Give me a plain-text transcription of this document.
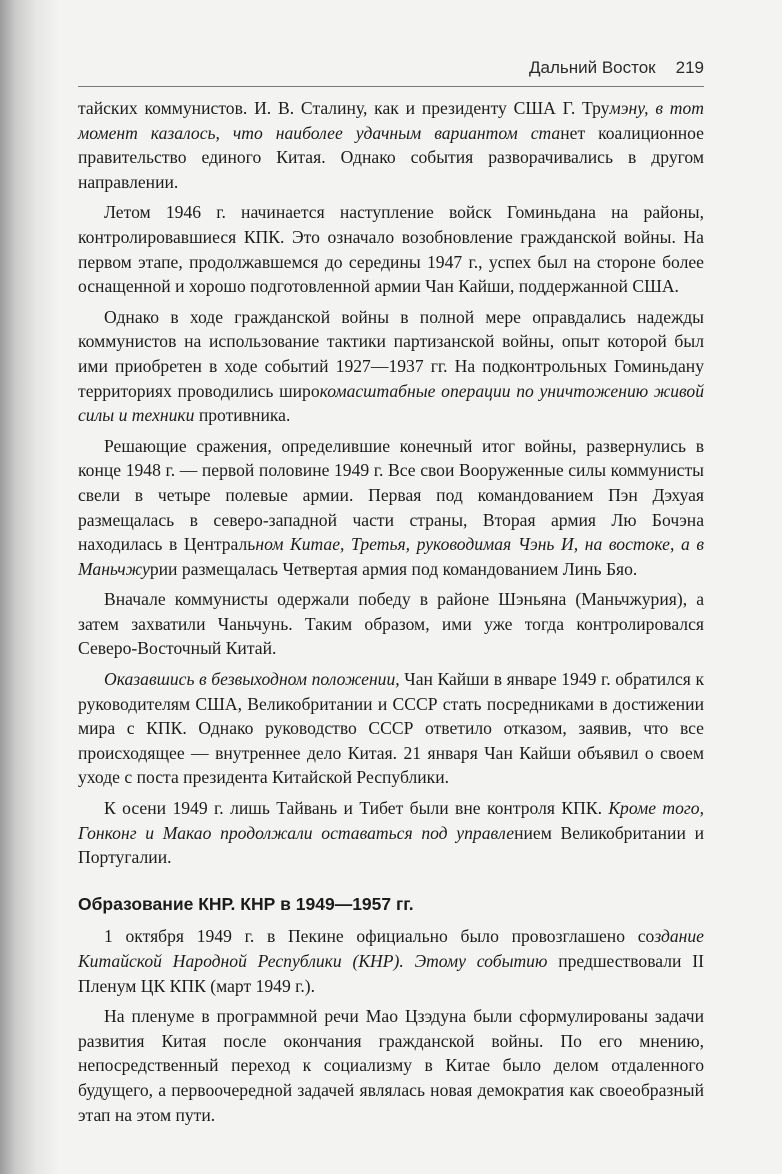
Дальний Восток 219

тайских коммунистов. И. В. Сталину, как и президенту США Г. Трумэну, в тот момент казалось, что наиболее удачным вариантом станет коалиционное правительство единого Китая. Однако события разворачивались в другом направлении.

Летом 1946 г. начинается наступление войск Гоминьдана на районы, контролировавшиеся КПК. Это означало возобновление гражданской войны. На первом этапе, продолжавшемся до середины 1947 г., успех был на стороне более оснащенной и хорошо подготовленной армии Чан Кайши, поддержанной США.

Однако в ходе гражданской войны в полной мере оправдались надежды коммунистов на использование тактики партизанской войны, опыт которой был ими приобретен в ходе событий 1927—1937 гг. На подконтрольных Гоминьдану территориях проводились широкомасштабные операции по уничтожению живой силы и техники противника.

Решающие сражения, определившие конечный итог войны, развернулись в конце 1948 г. — первой половине 1949 г. Все свои Вооруженные силы коммунисты свели в четыре полевые армии. Первая под командованием Пэн Дэхуая размещалась в северо-западной части страны, Вторая армия Лю Бочэна находилась в Центральном Китае, Третья, руководимая Чэнь И, на востоке, а в Маньчжурии размещалась Четвертая армия под командованием Линь Бяо.

Вначале коммунисты одержали победу в районе Шэньяна (Маньчжурия), а затем захватили Чаньчунь. Таким образом, ими уже тогда контролировался Северо-Восточный Китай.

Оказавшись в безвыходном положении, Чан Кайши в январе 1949 г. обратился к руководителям США, Великобритании и СССР стать посредниками в достижении мира с КПК. Однако руководство СССР ответило отказом, заявив, что все происходящее — внутреннее дело Китая. 21 января Чан Кайши объявил о своем уходе с поста президента Китайской Республики.

К осени 1949 г. лишь Тайвань и Тибет были вне контроля КПК. Кроме того, Гонконг и Макао продолжали оставаться под управлением Великобритании и Португалии.

Образование КНР. КНР в 1949—1957 гг.

1 октября 1949 г. в Пекине официально было провозглашено создание Китайской Народной Республики (КНР). Этому событию предшествовали II Пленум ЦК КПК (март 1949 г.).

На пленуме в программной речи Мао Цзэдуна были сформулированы задачи развития Китая после окончания гражданской войны. По его мнению, непосредственный переход к социализму в Китае было делом отдаленного будущего, а первоочередной задачей являлась новая демократия как своеобразный этап на этом пути.
